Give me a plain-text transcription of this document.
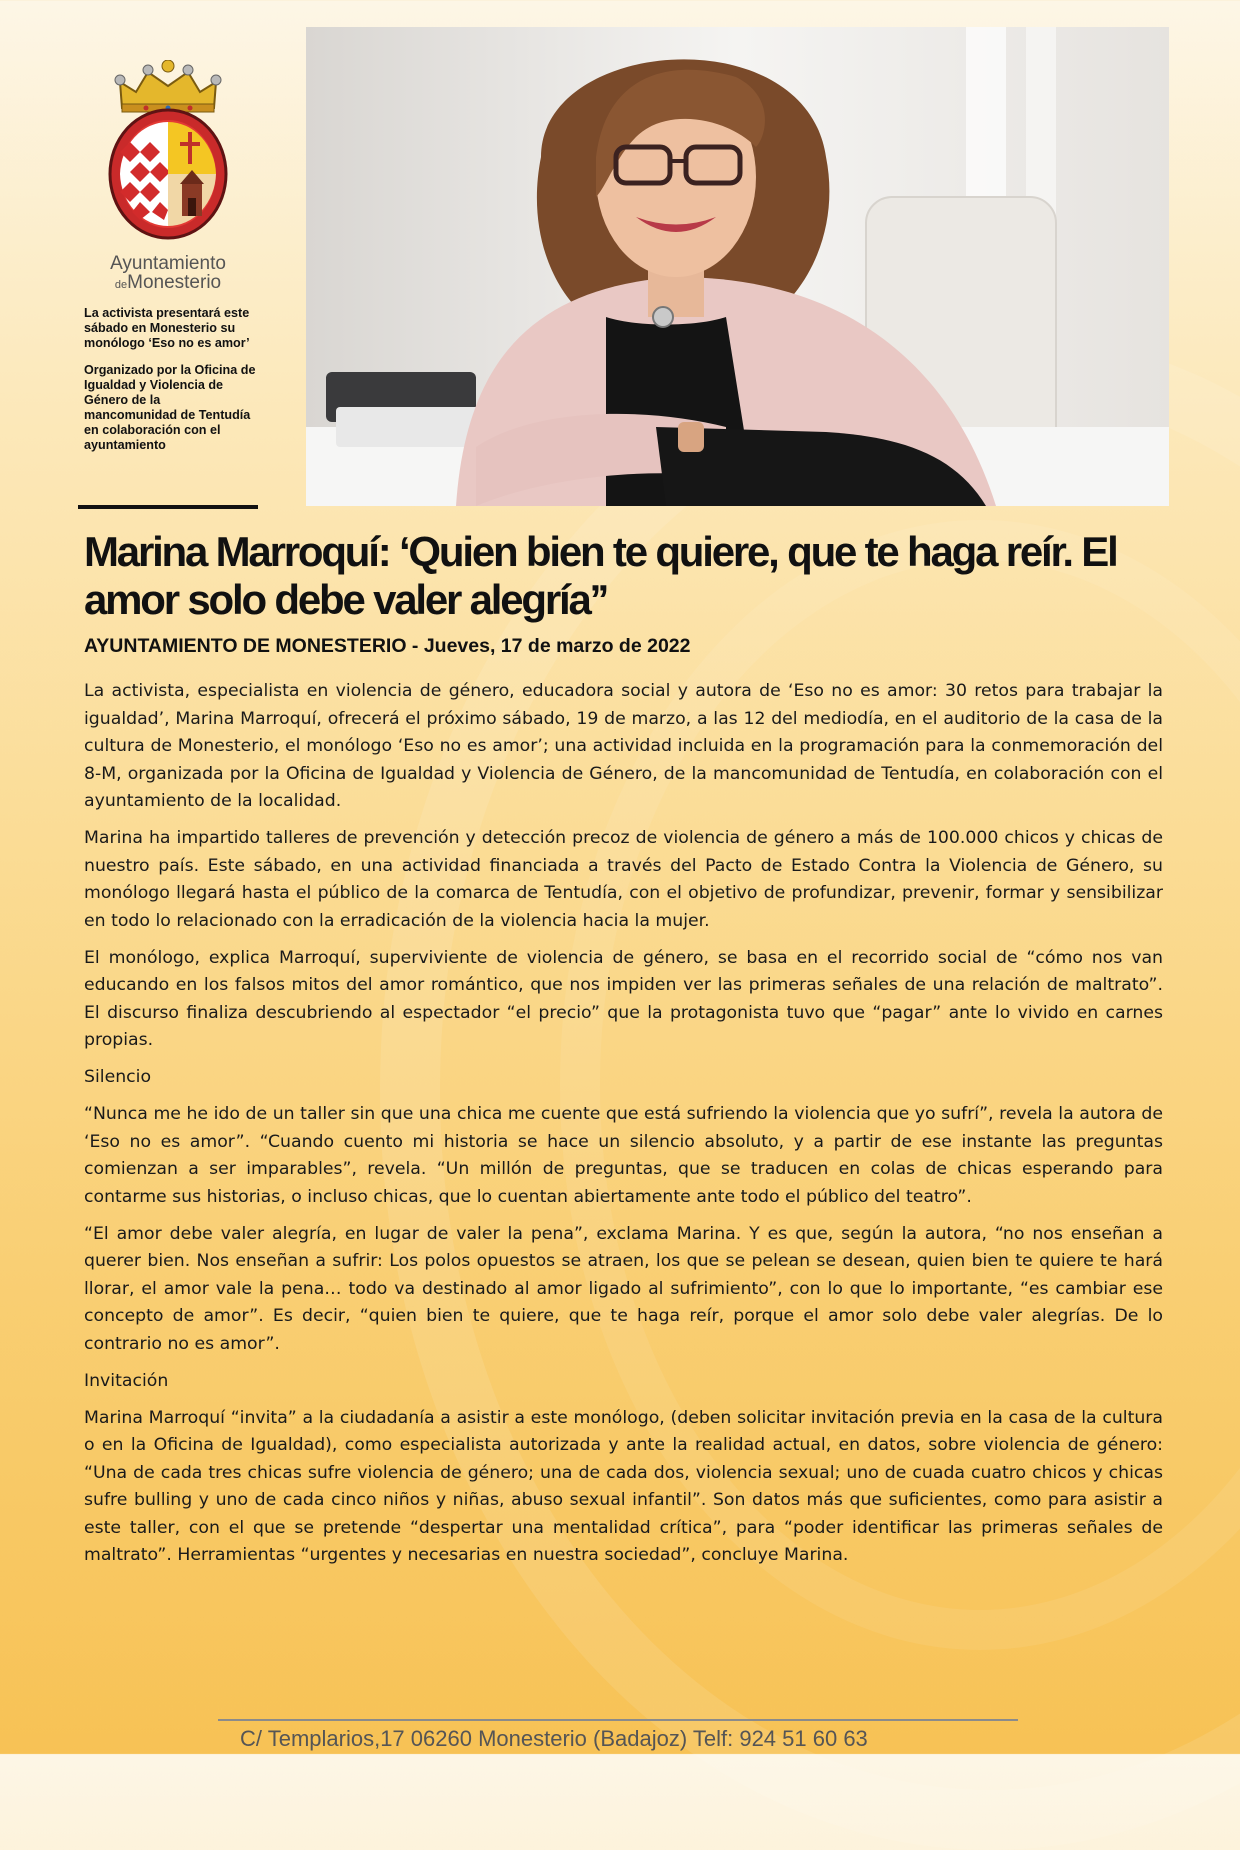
Ayuntamiento
deMonesterio

La activista presentará este sábado en Monesterio su monólogo ‘Eso no es amor’

Organizado por la Oficina de Igualdad y Violencia de Género de la mancomunidad de Tentudía en colaboración con el ayuntamiento

Marina Marroquí: ‘Quien bien te quiere, que te haga reír. El amor solo debe valer alegría’’

AYUNTAMIENTO DE MONESTERIO - Jueves, 17 de marzo de 2022

La activista, especialista en violencia de género, educadora social y autora de ‘Eso no es amor: 30 retos para trabajar la igualdad’, Marina Marroquí, ofrecerá el próximo sábado, 19 de marzo, a las 12 del mediodía, en el auditorio de la casa de la cultura de Monesterio, el monólogo ‘Eso no es amor’; una actividad incluida en la programación para la conmemoración del 8-M, organizada por la Oficina de Igualdad y Violencia de Género, de la mancomunidad de Tentudía, en colaboración con el ayuntamiento de la localidad.

Marina ha impartido talleres de prevención y detección precoz de violencia de género a más de 100.000 chicos y chicas de nuestro país. Este sábado, en una actividad financiada a través del Pacto de Estado Contra la Violencia de Género, su monólogo llegará hasta el público de la comarca de Tentudía, con el objetivo de profundizar, prevenir, formar y sensibilizar en todo lo relacionado con la erradicación de la violencia hacia la mujer.

El monólogo, explica Marroquí, superviviente de violencia de género, se basa en el recorrido social de “cómo nos van educando en los falsos mitos del amor romántico, que nos impiden ver las primeras señales de una relación de maltrato”. El discurso finaliza descubriendo al espectador “el precio” que la protagonista tuvo que “pagar” ante lo vivido en carnes propias.

Silencio

“Nunca me he ido de un taller sin que una chica me cuente que está sufriendo la violencia que yo sufrí”, revela la autora de ‘Eso no es amor”. “Cuando cuento mi historia se hace un silencio absoluto, y a partir de ese instante las preguntas comienzan a ser imparables”, revela. “Un millón de preguntas, que se traducen en colas de chicas esperando para contarme sus historias, o incluso chicas, que lo cuentan abiertamente ante todo el público del teatro”.

“El amor debe valer alegría, en lugar de valer la pena”, exclama Marina. Y es que, según la autora, “no nos enseñan a querer bien. Nos enseñan a sufrir: Los polos opuestos se atraen, los que se pelean se desean, quien bien te quiere te hará llorar, el amor vale la pena… todo va destinado al amor ligado al sufrimiento”, con lo que lo importante, “es cambiar ese concepto de amor”. Es decir, “quien bien te quiere, que te haga reír, porque el amor solo debe valer alegrías. De lo contrario no es amor”.

Invitación

Marina Marroquí “invita” a la ciudadanía a asistir a este monólogo, (deben solicitar invitación previa en la casa de la cultura o en la Oficina de Igualdad), como especialista autorizada y ante la realidad actual, en datos, sobre violencia de género: “Una de cada tres chicas sufre violencia de género; una de cada dos, violencia sexual; uno de cuada cuatro chicos y chicas sufre bulling y uno de cada cinco niños y niñas, abuso sexual infantil”. Son datos más que suficientes, como para asistir a este taller, con el que se pretende “despertar una mentalidad crítica”, para “poder identificar las primeras señales de maltrato”. Herramientas “urgentes y necesarias en nuestra sociedad”, concluye Marina.

C/ Templarios,17 06260 Monesterio (Badajoz) Telf: 924 51 60 63
